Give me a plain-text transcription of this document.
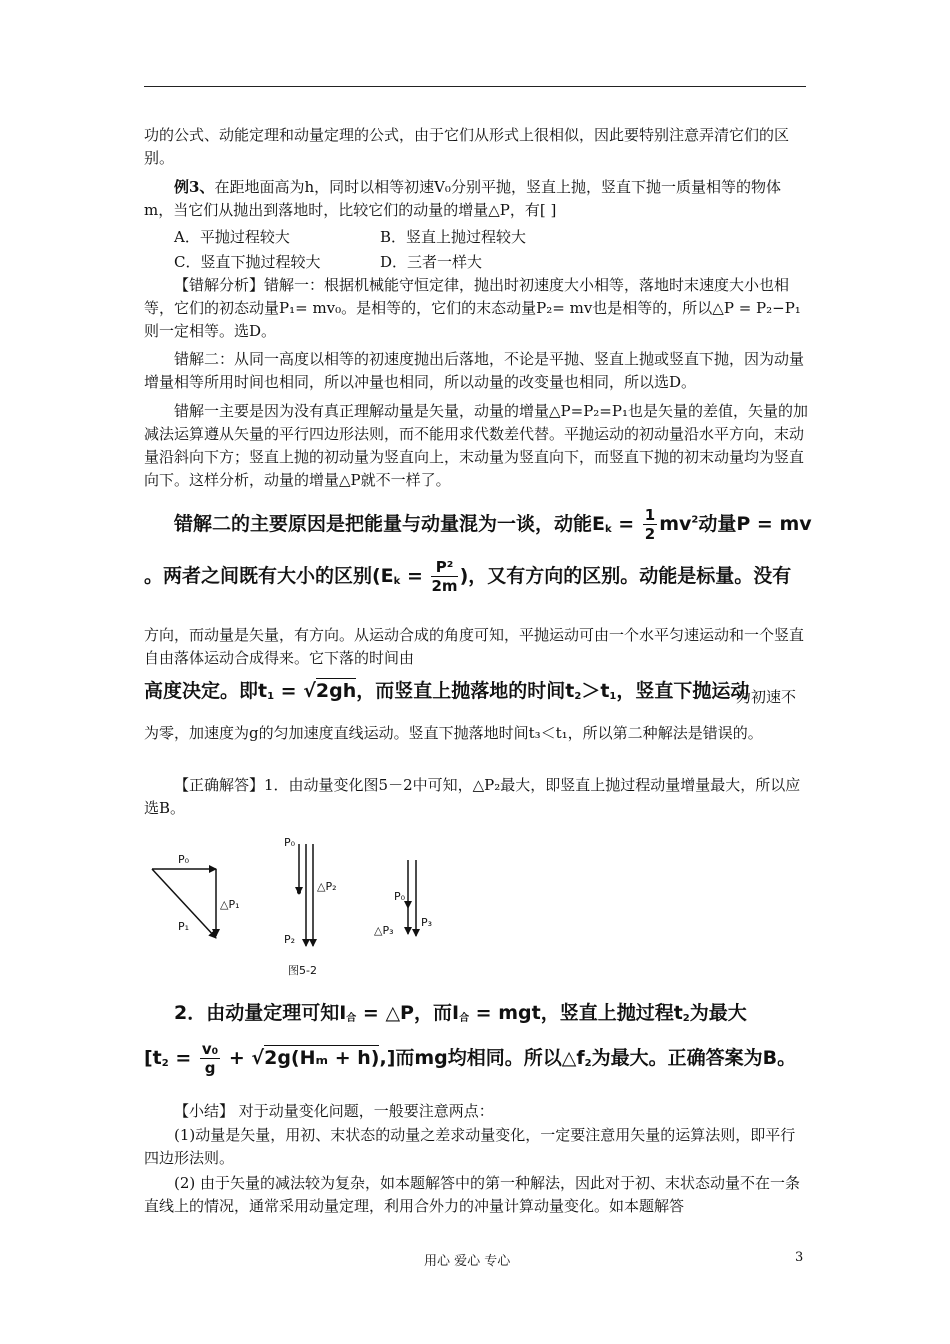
功的公式、动能定理和动量定理的公式，由于它们从形式上很相似，因此要特别注意弄清它们的区别。
例3、在距地面高为h，同时以相等初速V₀分别平抛，竖直上抛，竖直下抛一质量相等的物体m，当它们从抛出到落地时，比较它们的动量的增量△P，有[ ]
A．平抛过程较大	B．竖直上抛过程较大
C．竖直下抛过程较大	D．三者一样大
【错解分析】错解一：根据机械能守恒定律，抛出时初速度大小相等，落地时末速度大小也相等，它们的初态动量P₁= mv₀。是相等的，它们的末态动量P₂= mv也是相等的，所以△P = P₂−P₁则一定相等。选D。
错解二：从同一高度以相等的初速度抛出后落地，不论是平抛、竖直上抛或竖直下抛，因为动量增量相等所用时间也相同，所以冲量也相同，所以动量的改变量也相同，所以选D。
错解一主要是因为没有真正理解动量是矢量，动量的增量△P=P₂=P₁也是矢量的差值，矢量的加减法运算遵从矢量的平行四边形法则，而不能用求代数差代替。平抛运动的初动量沿水平方向，末动量沿斜向下方；竖直上抛的初动量为竖直向上，末动量为竖直向下，而竖直下抛的初末动量均为竖直向下。这样分析，动量的增量△P就不一样了。
错解二的主要原因是把能量与动量混为一谈，动能$E_k = \frac{1}{2} mv^2$动量P = mv
。两者之间既有大小的区别($E_k = \frac{\text{P²}}{2m}$ )，又有方向的区别。动能是标量。没有
方向，而动量是矢量，有方向。从运动合成的角度可知，平抛运动可由一个水平匀速运动和一个竖直自由落体运动合成得来。它下落的时间由
高度决定。即$t_1 = √2gh$，而竖直上抛落地的时间$t_2>t_1$，竖直下抛运动
为初速不
为零，加速度为g的匀加速度直线运动。竖直下抛落地时间t₃＜t₁，所以第二种解法是错误的。
【正确解答】1．由动量变化图5－2中可知，△P₂最大，即竖直上抛过程动量增量最大，所以应选B。
P₀
P₁
△P₁
P₀
P₂
△P₂
P₀
△P₃
P₃
图5-2
2．由动量定理可知$I_合$ = △P，而$I_合$ = mgt，竖直上抛过程$t_2$为最大
$[t_2 = \frac{\text{v₀}}{g} + √2g(H_m + h),]$而mg均相同。所以$\triangle f_2$为最大。正确答案为B。
【小结】 对于动量变化问题，一般要注意两点：
(1)动量是矢量，用初、末状态的动量之差求动量变化，一定要注意用矢量的运算法则，即平行四边形法则。
(2) 由于矢量的减法较为复杂，如本题解答中的第一种解法，因此对于初、末状态动量不在一条直线上的情况，通常采用动量定理，利用合外力的冲量计算动量变化。如本题解答
用心 爱心 专心	3
